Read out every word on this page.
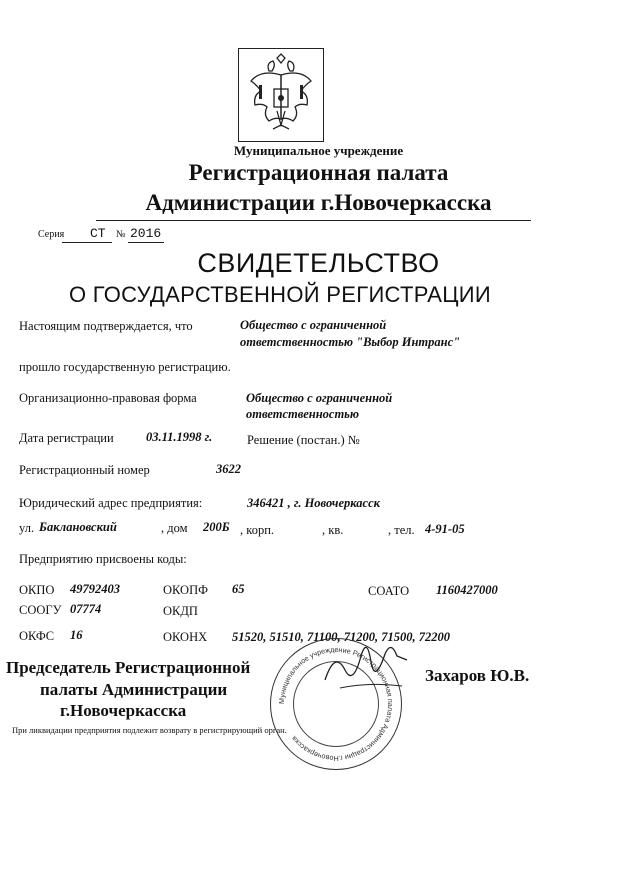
Муниципальное учреждение
Регистрационная палата
Администрации г.Новочеркасска
Серия СТ № 2016
СВИДЕТЕЛЬСТВО
О ГОСУДАРСТВЕННОЙ РЕГИСТРАЦИИ
Настоящим подтверждается, что	Общество с ограниченной
ответственностью "Выбор Интранс"
прошло государственную регистрацию.
Организационно-правовая форма	Общество с ограниченной
ответственностью
Дата регистрации	03.11.1998 г.	Решение (постан.) №
Регистрационный номер	3622
Юридический адрес предприятия:	346421 , г. Новочеркасск
ул. Баклановский	, дом 200Б , корп.	, кв.	, тел. 4-91-05
Предприятию присвоены коды:
ОКПО 49792403	ОКОПФ 65	СОАТО 1160427000
СООГУ 07774	ОКДП
ОКФС 16	ОКОНХ 51520, 51510, 71100, 71200, 71500, 72200
Муниципальное учреждение Регистрационная палата Администрации г.Новочеркасска
Председатель Регистрационной
палаты Администрации
г.Новочеркасска
Захаров Ю.В.
При ликвидации предприятия подлежит возврату в регистрирующий орган.
